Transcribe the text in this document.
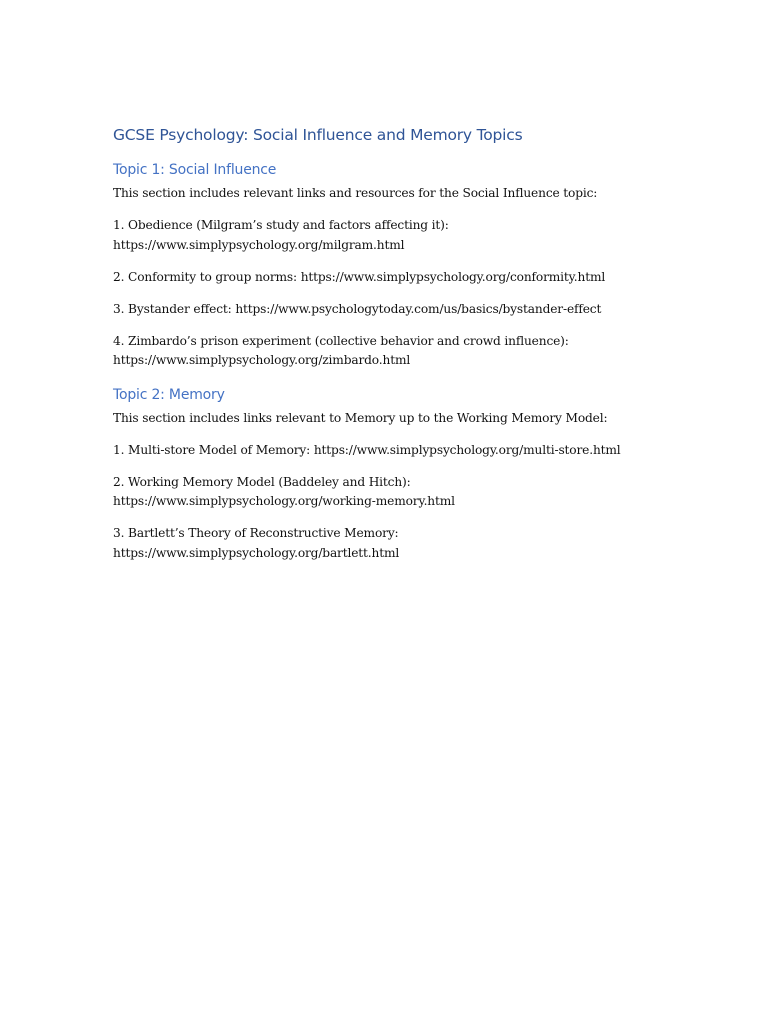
GCSE Psychology: Social Influence and Memory Topics
Topic 1: Social Influence

This section includes relevant links and resources for the Social Influence topic:

1. Obedience (Milgram’s study and factors affecting it):
https://www.simplypsychology.org/milgram.html

2. Conformity to group norms: https://www.simplypsychology.org/conformity.html

3. Bystander effect: https://www.psychologytoday.com/us/basics/bystander-effect

4. Zimbardo’s prison experiment (collective behavior and crowd influence):
https://www.simplypsychology.org/zimbardo.html

Topic 2: Memory

This section includes links relevant to Memory up to the Working Memory Model:

1. Multi-store Model of Memory: https://www.simplypsychology.org/multi-store.html

2. Working Memory Model (Baddeley and Hitch):
https://www.simplypsychology.org/working-memory.html

3. Bartlett’s Theory of Reconstructive Memory:
https://www.simplypsychology.org/bartlett.html
